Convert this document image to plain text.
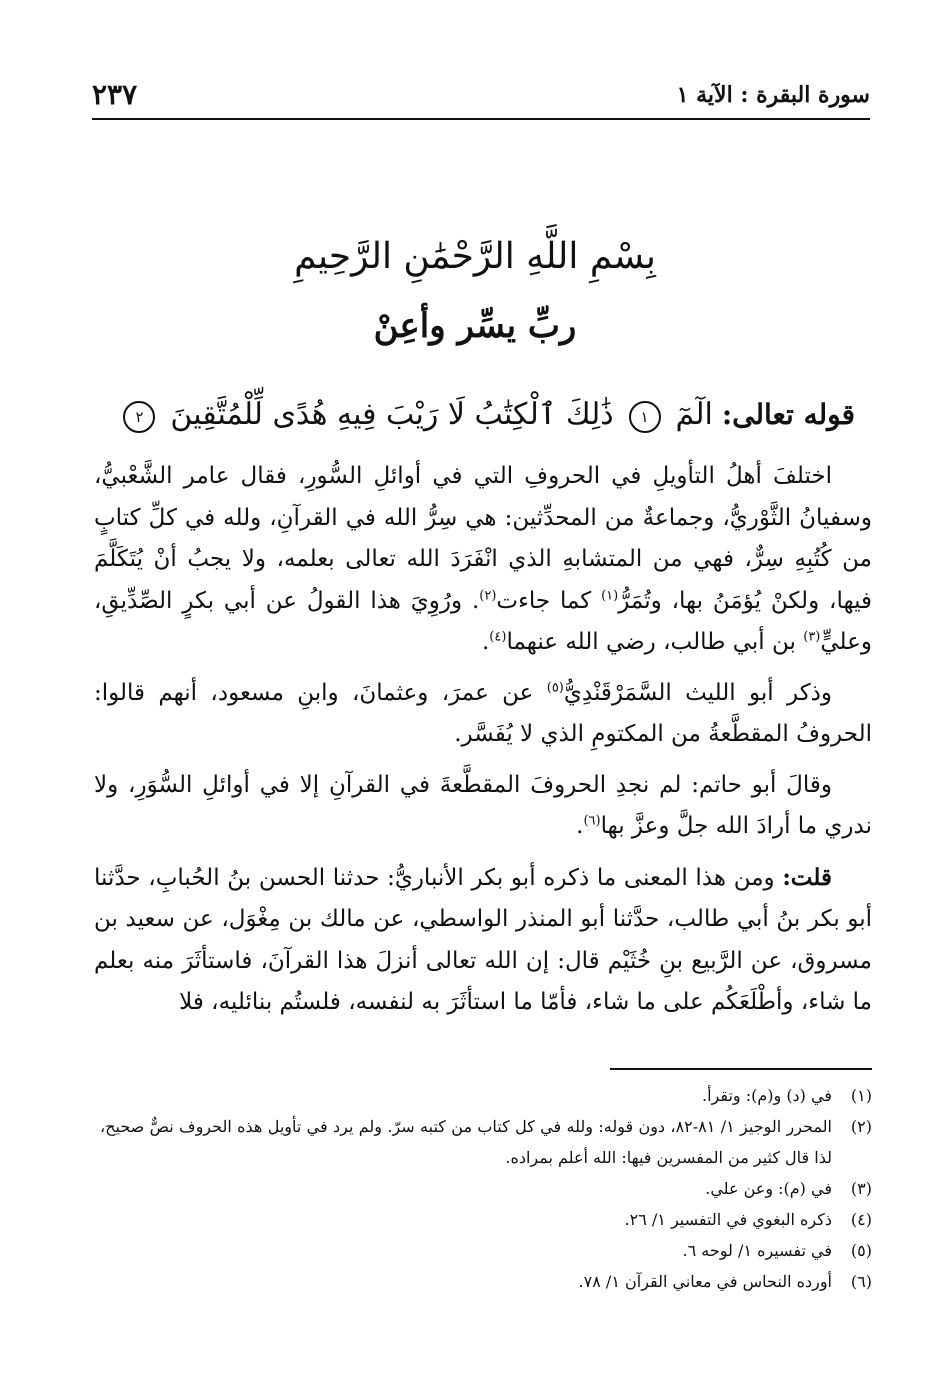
سورة البقرة : الآية ١
٢٣٧
بِسْمِ اللَّهِ الرَّحْمَٰنِ الرَّحِيمِ
ربِّ يسِّر وأعِنْ
قوله تعالى: الٓمٓ ١ ذَٰلِكَ ٱلْكِتَٰبُ لَا رَيْبَ فِيهِ هُدًى لِّلْمُتَّقِينَ ٢

اختلفَ أهلُ التأويلِ في الحروفِ التي في أوائلِ السُّورِ، فقال عامر الشَّعْبيُّ، وسفيانُ الثَّوْريُّ، وجماعةٌ من المحدِّثين: هي سِرُّ الله في القرآنِ، ولله في كلِّ كتابٍ من كُتُبِهِ سِرٌّ، فهي من المتشابهِ الذي انْفَرَدَ الله تعالى بعلمه، ولا يجبُ أنْ يُتَكَلَّمَ فيها، ولكنْ يُؤمَنُ بها، وتُمَرُّ$^{(١)}$ كما جاءت$^{(٢)}$. ورُوِيَ هذا القولُ عن أبي بكرٍ الصِّدِّيقِ، وعليٍّ$^{(٣)}$ بن أبي طالب، رضي الله عنهما$^{(٤)}$.

وذكر أبو الليث السَّمَرْقَنْدِيُّ$^{(٥)}$ عن عمرَ، وعثمانَ، وابنِ مسعود، أنهم قالوا: الحروفُ المقطَّعةُ من المكتومِ الذي لا يُفَسَّر.

وقالَ أبو حاتم: لم نجدِ الحروفَ المقطَّعةَ في القرآنِ إلا في أوائلِ السُّوَرِ، ولا ندري ما أرادَ الله جلَّ وعزَّ بها$^{(٦)}$.

قلت: ومن هذا المعنى ما ذكره أبو بكر الأنباريُّ: حدثنا الحسن بنُ الحُبابِ، حدَّثنا أبو بكر بنُ أبي طالب، حدَّثنا أبو المنذر الواسطي، عن مالك بن مِغْوَل، عن سعيد بن مسروق، عن الرَّبيع بنِ خُثَيْم قال: إن الله تعالى أنزلَ هذا القرآنَ، فاستأثَرَ منه بعلم ما شاء، وأطْلَعَكُم على ما شاء، فأمّا ما استأثَرَ به لنفسه، فلستُم بنائليه، فلا

(١)
في (د) و(م): وتقرأ.
(٢)
المحرر الوجيز ١/ ٨١-٨٢، دون قوله: ولله في كل كتاب من كتبه سرّ. ولم يرد في تأويل هذه الحروف نصٌّ صحيح، لذا قال كثير من المفسرين فيها: الله أعلم بمراده.
(٣)
في (م): وعن علي.
(٤)
ذكره البغوي في التفسير ١/ ٢٦.
(٥)
في تفسيره ١/ لوحه ٦.
(٦)
أورده النحاس في معاني القرآن ١/ ٧٨.
